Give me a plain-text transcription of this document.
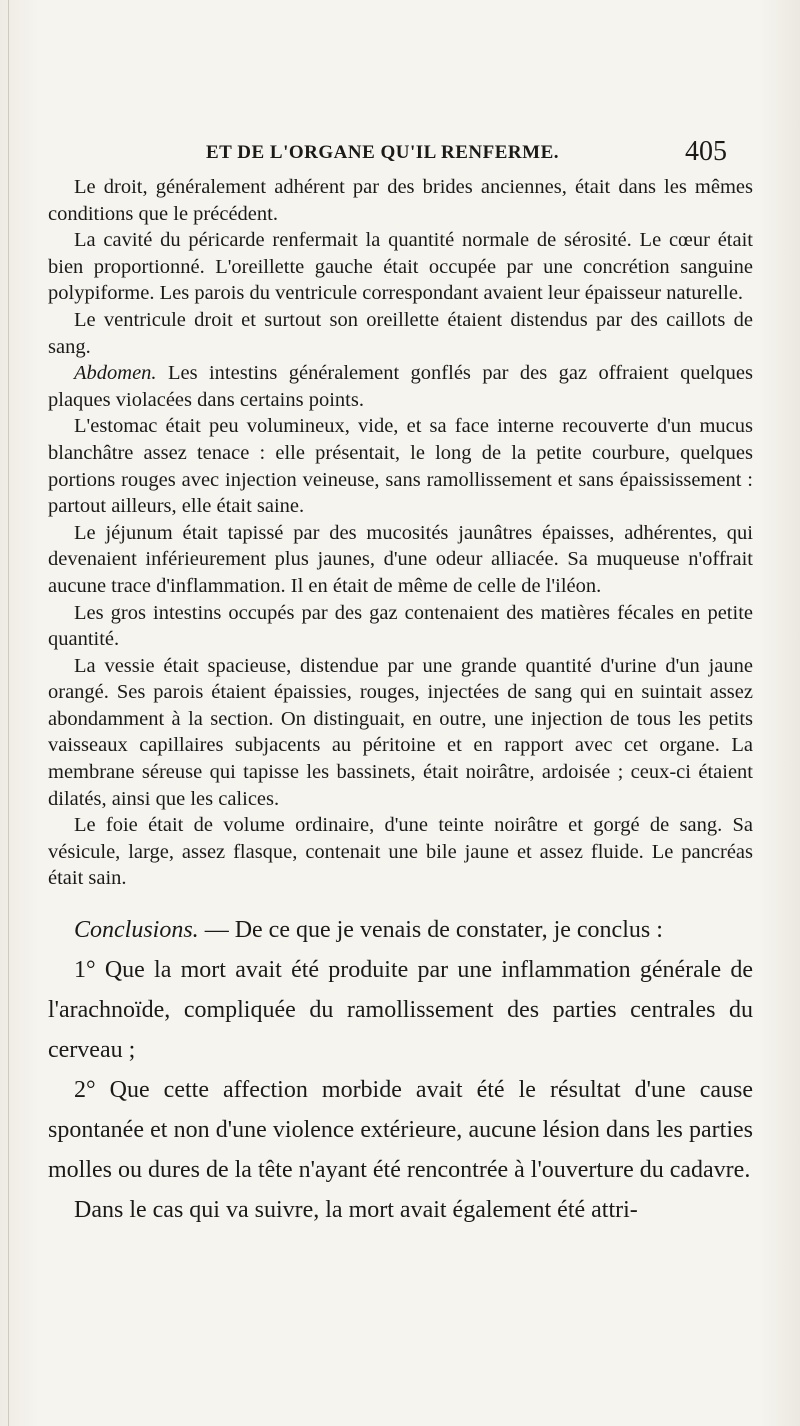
ET DE L'ORGANE QU'IL RENFERME.	405

Le droit, généralement adhérent par des brides anciennes, était dans les mêmes conditions que le précédent.

La cavité du péricarde renfermait la quantité normale de sérosité. Le cœur était bien proportionné. L'oreillette gauche était occupée par une concrétion sanguine polypiforme. Les parois du ventricule correspondant avaient leur épaisseur naturelle.

Le ventricule droit et surtout son oreillette étaient distendus par des caillots de sang.

Abdomen. Les intestins généralement gonflés par des gaz offraient quelques plaques violacées dans certains points.

L'estomac était peu volumineux, vide, et sa face interne recouverte d'un mucus blanchâtre assez tenace : elle présentait, le long de la petite courbure, quelques portions rouges avec injection veineuse, sans ramollissement et sans épaississement : partout ailleurs, elle était saine.

Le jéjunum était tapissé par des mucosités jaunâtres épaisses, adhérentes, qui devenaient inférieurement plus jaunes, d'une odeur alliacée. Sa muqueuse n'offrait aucune trace d'inflammation. Il en était de même de celle de l'iléon.

Les gros intestins occupés par des gaz contenaient des matières fécales en petite quantité.

La vessie était spacieuse, distendue par une grande quantité d'urine d'un jaune orangé. Ses parois étaient épaissies, rouges, injectées de sang qui en suintait assez abondamment à la section. On distinguait, en outre, une injection de tous les petits vaisseaux capillaires subjacents au péritoine et en rapport avec cet organe. La membrane séreuse qui tapisse les bassinets, était noirâtre, ardoisée ; ceux-ci étaient dilatés, ainsi que les calices.

Le foie était de volume ordinaire, d'une teinte noirâtre et gorgé de sang. Sa vésicule, large, assez flasque, contenait une bile jaune et assez fluide. Le pancréas était sain.

Conclusions. — De ce que je venais de constater, je conclus :

1° Que la mort avait été produite par une inflammation générale de l'arachnoïde, compliquée du ramollissement des parties centrales du cerveau ;

2° Que cette affection morbide avait été le résultat d'une cause spontanée et non d'une violence extérieure, aucune lésion dans les parties molles ou dures de la tête n'ayant été rencontrée à l'ouverture du cadavre.

Dans le cas qui va suivre, la mort avait également été attri-
